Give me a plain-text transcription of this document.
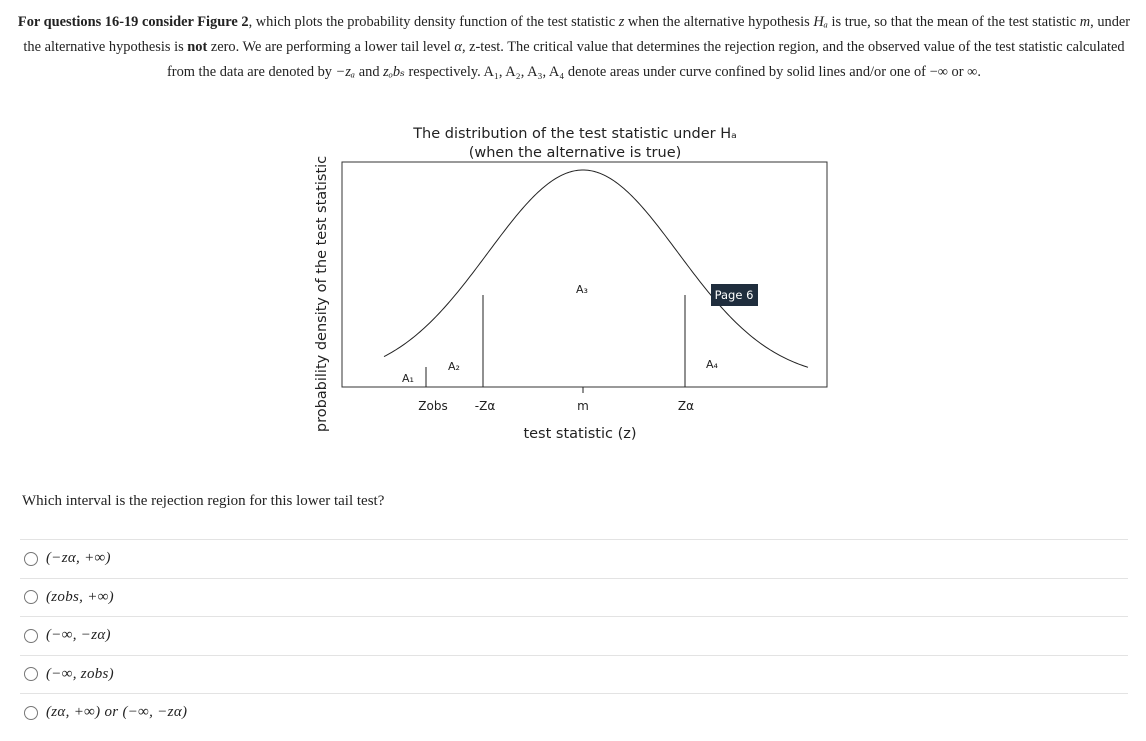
For questions 16-19 consider Figure 2, which plots the probability density function of the test statistic z when the alternative hypothesis Hₐ is true, so that the mean of the test statistic m, under the alternative hypothesis is not zero. We are performing a lower tail level α, z-test. The critical value that determines the rejection region, and the observed value of the test statistic calculated from the data are denoted by −zₐ and zₒbₛ respectively. A₁, A₂, A₃, A₄ denote areas under curve confined by solid lines and/or one of −∞ or ∞.
The distribution of the test statistic under Hₐ
(when the alternative is true)
probability density of the test statistic	A₁
A₂
A₃
A₄
Zobs -Zα	m	Zα
test statistic (z)
Page 6
Which interval is the rejection region for this lower tail test?
(−zα, +∞)
(zobs, +∞)
(−∞, −zα)
(−∞, zobs)
(zα, +∞) or (−∞, −zα)
